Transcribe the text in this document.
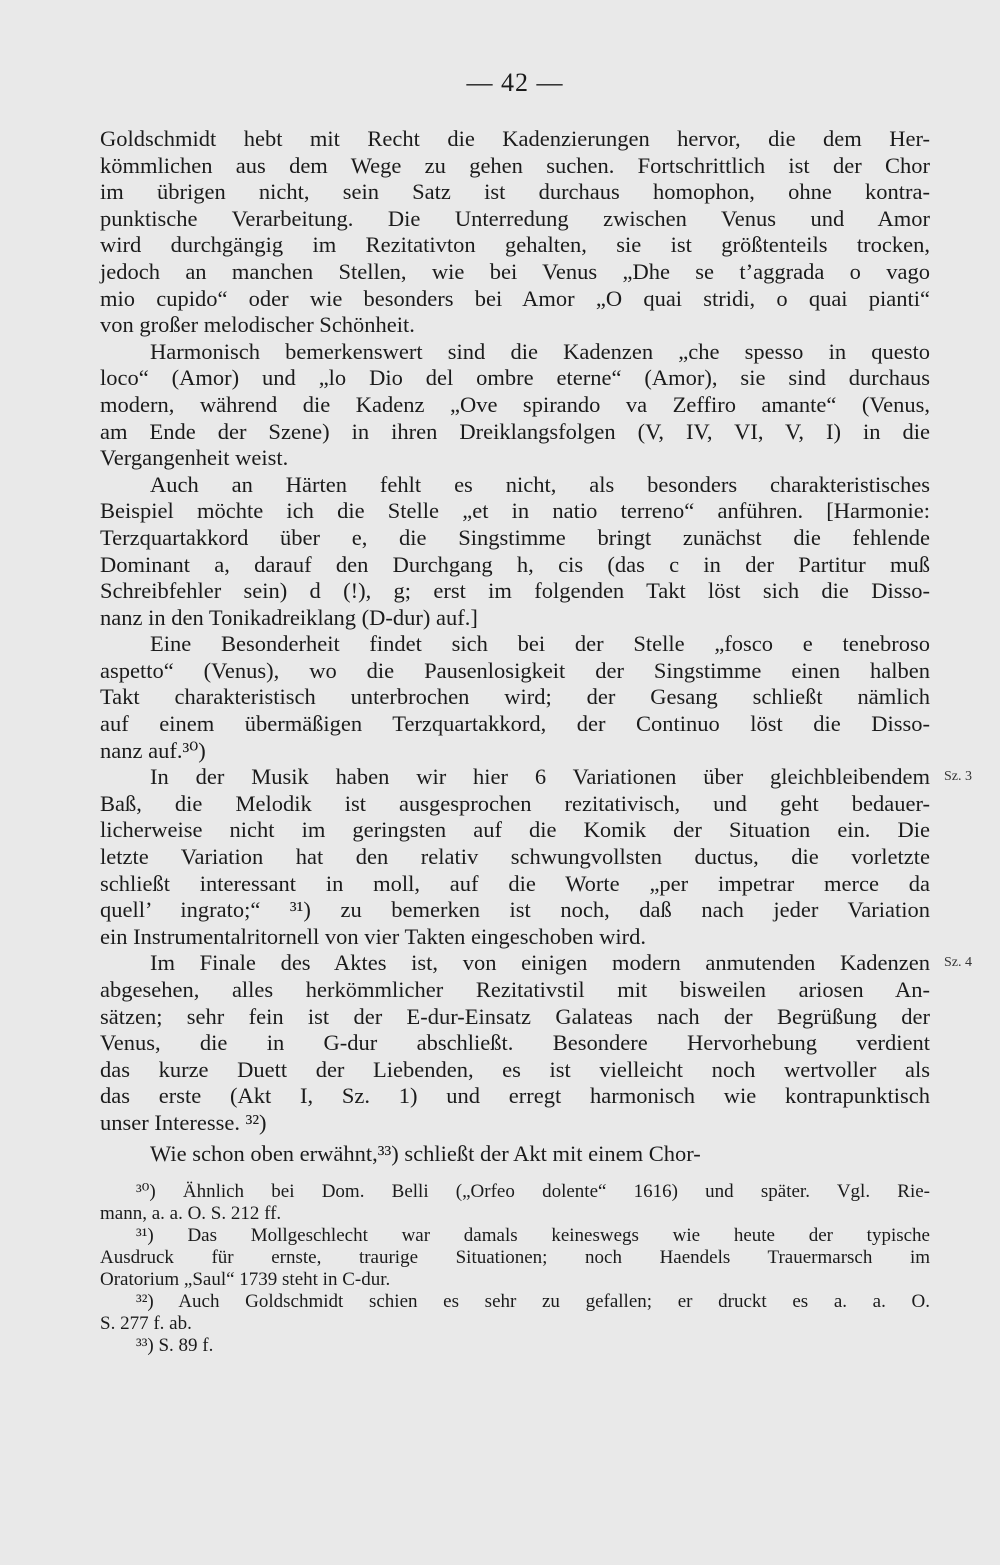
— 42 —
Goldschmidt hebt mit Recht die Kadenzierungen hervor, die dem Her-
kömmlichen aus dem Wege zu gehen suchen. Fortschrittlich ist der Chor
im übrigen nicht, sein Satz ist durchaus homophon, ohne kontra-
punktische Verarbeitung. Die Unterredung zwischen Venus und Amor
wird durchgängig im Rezitativton gehalten, sie ist größtenteils trocken,
jedoch an manchen Stellen, wie bei Venus „Dhe se t’aggrada o vago
mio cupido“ oder wie besonders bei Amor „O quai stridi, o quai pianti“
von großer melodischer Schönheit.
Harmonisch bemerkenswert sind die Kadenzen „che spesso in questo
loco“ (Amor) und „lo Dio del ombre eterne“ (Amor), sie sind durchaus
modern, während die Kadenz „Ove spirando va Zeffiro amante“ (Venus,
am Ende der Szene) in ihren Dreiklangsfolgen (V, IV, VI, V, I) in die
Vergangenheit weist.
Auch an Härten fehlt es nicht, als besonders charakteristisches
Beispiel möchte ich die Stelle „et in natio terreno“ anführen. [Harmonie:
Terzquartakkord über e, die Singstimme bringt zunächst die fehlende
Dominant a, darauf den Durchgang h, cis (das c in der Partitur muß
Schreibfehler sein) d (!), g; erst im folgenden Takt löst sich die Disso-
nanz in den Tonikadreiklang (D-dur) auf.]
Eine Besonderheit findet sich bei der Stelle „fosco e tenebroso
aspetto“ (Venus), wo die Pausenlosigkeit der Singstimme einen halben
Takt charakteristisch unterbrochen wird; der Gesang schließt nämlich
auf einem übermäßigen Terzquartakkord, der Continuo löst die Disso-
nanz auf.³⁰)
In der Musik haben wir hier 6 Variationen über gleichbleibendem
Baß, die Melodik ist ausgesprochen rezitativisch, und geht bedauer-
licherweise nicht im geringsten auf die Komik der Situation ein. Die
letzte Variation hat den relativ schwungvollsten ductus, die vorletzte
schließt interessant in moll, auf die Worte „per impetrar merce da
quell’ ingrato;“ ³¹) zu bemerken ist noch, daß nach jeder Variation
ein Instrumentalritornell von vier Takten eingeschoben wird.
Im Finale des Aktes ist, von einigen modern anmutenden Kadenzen
abgesehen, alles herkömmlicher Rezitativstil mit bisweilen ariosen An-
sätzen; sehr fein ist der E-dur-Einsatz Galateas nach der Begrüßung der
Venus, die in G-dur abschließt. Besondere Hervorhebung verdient
das kurze Duett der Liebenden, es ist vielleicht noch wertvoller als
das erste (Akt I, Sz. 1) und erregt harmonisch wie kontrapunktisch
unser Interesse. ³²)
Wie schon oben erwähnt,³³) schließt der Akt mit einem Chor-
Sz. 3
Sz. 4
³⁰) Ähnlich bei Dom. Belli („Orfeo dolente“ 1616) und später. Vgl. Rie-
mann, a. a. O. S. 212 ff.
³¹) Das Mollgeschlecht war damals keineswegs wie heute der typische
Ausdruck für ernste, traurige Situationen; noch Haendels Trauermarsch im
Oratorium „Saul“ 1739 steht in C-dur.
³²) Auch Goldschmidt schien es sehr zu gefallen; er druckt es a. a. O.
S. 277 f. ab.
³³) S. 89 f.
